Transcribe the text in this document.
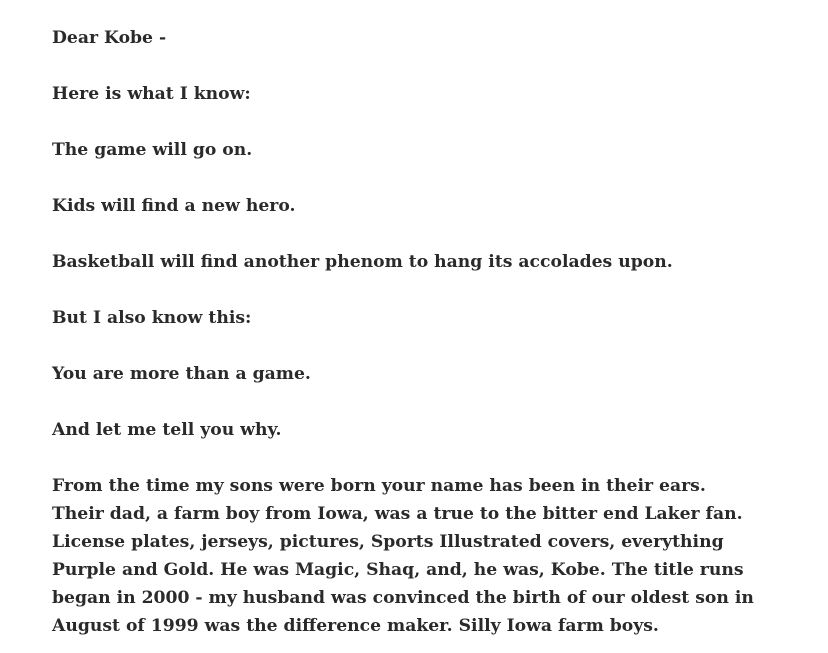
Dear Kobe -

Here is what I know:

The game will go on.

Kids will find a new hero.

Basketball will find another phenom to hang its accolades upon.

But I also know this:

You are more than a game.

And let me tell you why.

From the time my sons were born your name has been in their ears. Their dad, a farm boy from Iowa, was a true to the bitter end Laker fan. License plates, jerseys, pictures, Sports Illustrated covers, everything Purple and Gold. He was Magic, Shaq, and, he was, Kobe. The title runs began in 2000 - my husband was convinced the birth of our oldest son in August of 1999 was the difference maker. Silly Iowa farm boys.
